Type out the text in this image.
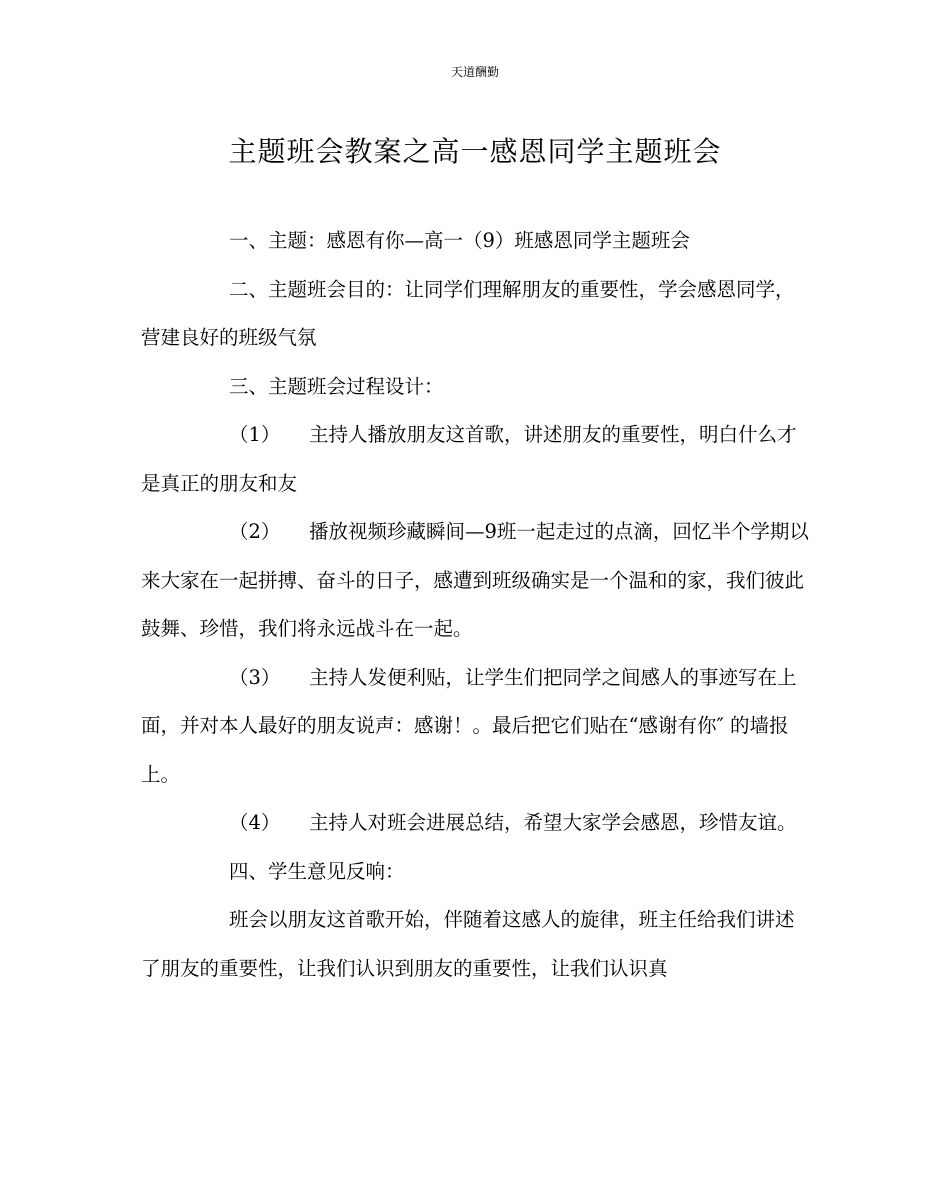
天道酬勤
主题班会教案之高一感恩同学主题班会

一、主题：感恩有你—高一（9）班感恩同学主题班会

二、主题班会目的：让同学们理解朋友的重要性，学会感恩同学，营建良好的班级气氛

三、主题班会过程设计：

（1） 主持人播放朋友这首歌，讲述朋友的重要性，明白什么才是真正的朋友和友

（2） 播放视频珍藏瞬间—9班一起走过的点滴，回忆半个学期以来大家在一起拼搏、奋斗的日子，感遭到班级确实是一个温和的家，我们彼此鼓舞、珍惜，我们将永远战斗在一起。

（3） 主持人发便利贴，让学生们把同学之间感人的事迹写在上面，并对本人最好的朋友说声：感谢！。最后把它们贴在“感谢有你″ 的墙报上。

（4） 主持人对班会进展总结，希望大家学会感恩，珍惜友谊。

四、学生意见反响：

班会以朋友这首歌开始，伴随着这感人的旋律，班主任给我们讲述了朋友的重要性，让我们认识到朋友的重要性，让我们认识真
